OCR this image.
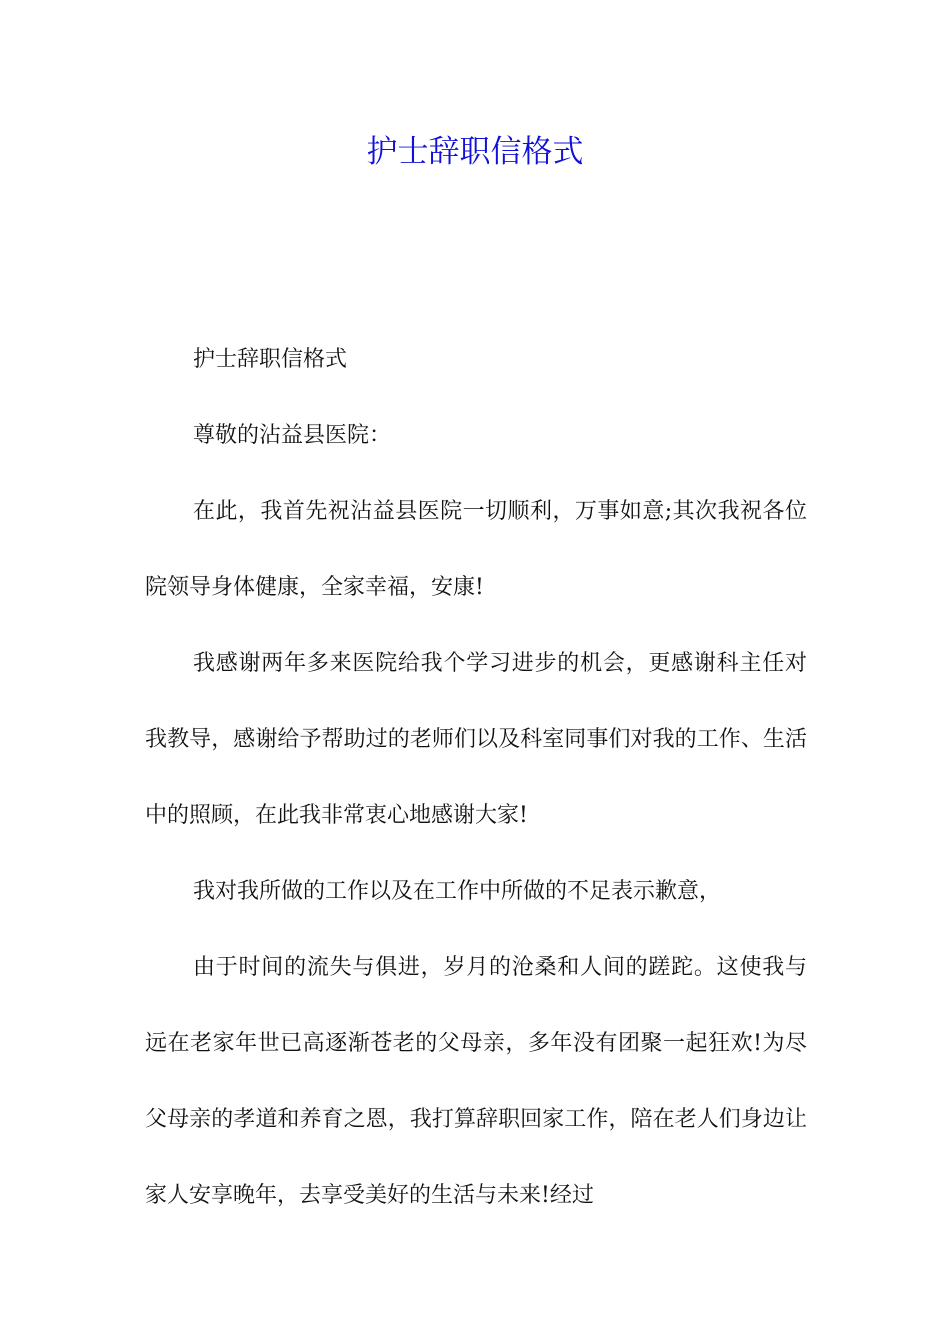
护士辞职信格式

护士辞职信格式

尊敬的沾益县医院：

在此，我首先祝沾益县医院一切顺利，万事如意;其次我祝各位院领导身体健康，全家幸福，安康!

我感谢两年多来医院给我个学习进步的机会，更感谢科主任对我教导，感谢给予帮助过的老师们以及科室同事们对我的工作、生活中的照顾，在此我非常衷心地感谢大家!

我对我所做的工作以及在工作中所做的不足表示歉意，

由于时间的流失与俱进，岁月的沧桑和人间的蹉跎。这使我与远在老家年世已高逐渐苍老的父母亲，多年没有团聚一起狂欢!为尽父母亲的孝道和养育之恩，我打算辞职回家工作，陪在老人们身边让家人安享晚年，去享受美好的生活与未来!经过
